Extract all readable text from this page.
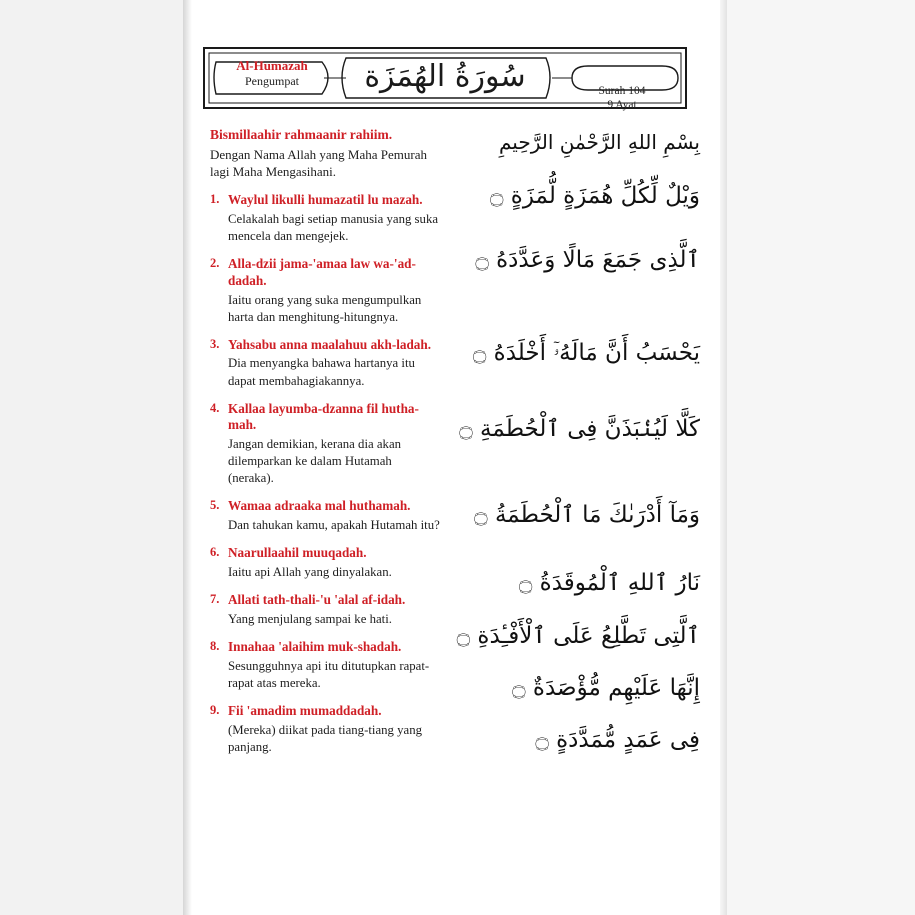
سُورَةُ الهُمَزَة
Al-Humazah
Pengumpat
Surah 104
9 Ayat

Bismillaahir rahmaanir rahiim.

Dengan Nama Allah yang Maha Pemurah lagi Maha Mengasihani.

1. Waylul likulli humazatil lu mazah.

Celakalah bagi setiap manusia yang suka mencela dan mengejek.

2. Alla-dzii jama-'amaa law wa-'ad-dadah.

Iaitu orang yang suka mengumpulkan harta dan menghitung-hitungnya.

3. Yahsabu anna maalahuu akh-ladah.

Dia menyangka bahawa hartanya itu dapat membahagiakannya.

4. Kallaa layumba-dzanna fil hutha-mah.

Jangan demikian, kerana dia akan dilemparkan ke dalam Hutamah (neraka).

5. Wamaa adraaka mal huthamah.

Dan tahukan kamu, apakah Hutamah itu?

6. Naarullaahil muuqadah.

Iaitu api Allah yang dinyalakan.

7. Allati tath-thali-'u 'alal af-idah.

Yang menjulang sampai ke hati.

8. Innahaa 'alaihim muk-shadah.

Sesungguhnya api itu ditutupkan rapat-rapat atas mereka.

9. Fii 'amadim mumaddadah.

(Mereka) diikat pada tiang-tiang yang panjang.

بِسْمِ اللهِ الرَّحْمٰنِ الرَّحِيمِ
وَيْلٌ لِّكُلِّ هُمَزَةٍ لُّمَزَةٍ ۝
ٱلَّذِى جَمَعَ مَالًا وَعَدَّدَهُ ۝
يَحْسَبُ أَنَّ مَالَهُۥٓ أَخْلَدَهُ ۝
كَلَّا لَيُنۢبَذَنَّ فِى ٱلْحُطَمَةِ ۝
وَمَآ أَدْرَىٰكَ مَا ٱلْحُطَمَةُ ۝
نَارُ ٱللهِ ٱلْمُوقَدَةُ ۝
ٱلَّتِى تَطَّلِعُ عَلَى ٱلْأَفْـِٔدَةِ ۝
إِنَّهَا عَلَيْهِم مُّؤْصَدَةٌ ۝
فِى عَمَدٍ مُّمَدَّدَةٍ ۝
